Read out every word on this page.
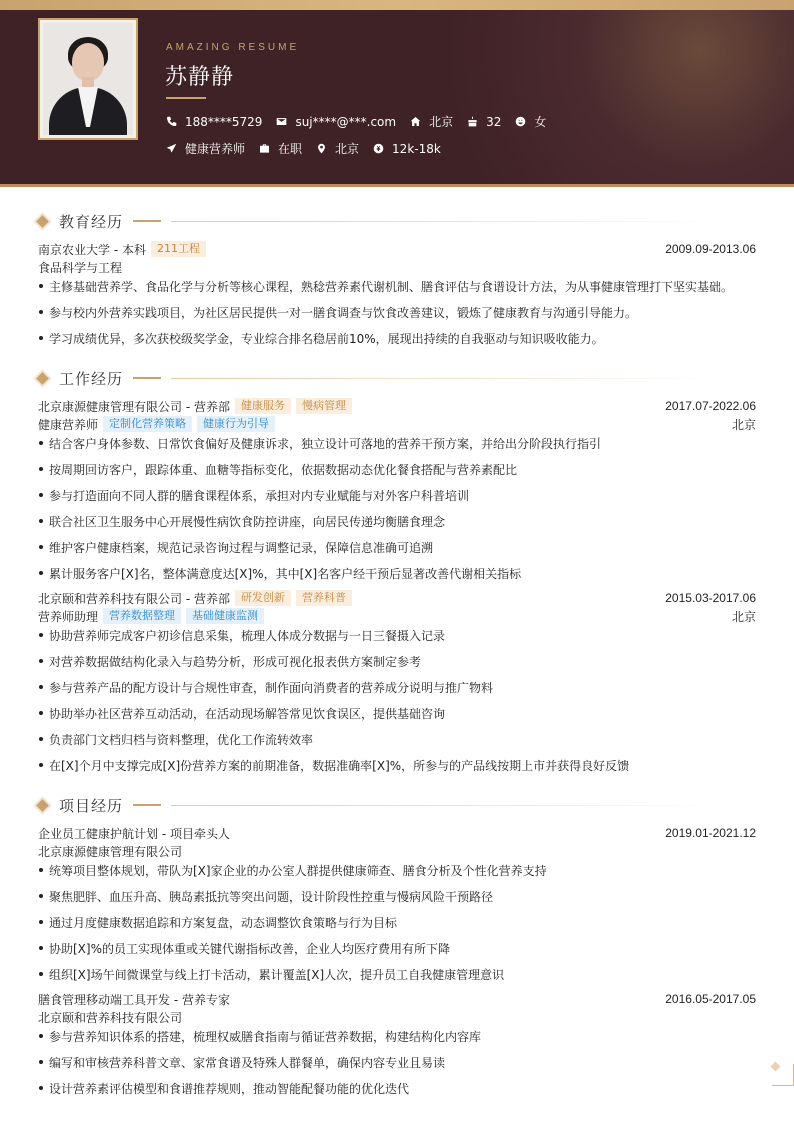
AMAZING RESUME
苏静静
188****5729	suj****@***.com	北京	32	女
健康营养师	在职	北京	12k-18k
教育经历
南京农业大学 - 本科	211工程	2009.09-2013.06
食品科学与工程
主修基础营养学、食品化学与分析等核心课程，熟稔营养素代谢机制、膳食评估与食谱设计方法，为从事健康管理打下坚实基础。
参与校内外营养实践项目，为社区居民提供一对一膳食调查与饮食改善建议，锻炼了健康教育与沟通引导能力。
学习成绩优异，多次获校级奖学金，专业综合排名稳居前10%，展现出持续的自我驱动与知识吸收能力。
工作经历
北京康源健康管理有限公司 - 营养部	健康服务	慢病管理	2017.07-2022.06
健康营养师	定制化营养策略	健康行为引导	北京
结合客户身体参数、日常饮食偏好及健康诉求，独立设计可落地的营养干预方案，并给出分阶段执行指引
按周期回访客户，跟踪体重、血糖等指标变化，依据数据动态优化餐食搭配与营养素配比
参与打造面向不同人群的膳食课程体系，承担对内专业赋能与对外客户科普培训
联合社区卫生服务中心开展慢性病饮食防控讲座，向居民传递均衡膳食理念
维护客户健康档案，规范记录咨询过程与调整记录，保障信息准确可追溯
累计服务客户[X]名，整体满意度达[X]%，其中[X]名客户经干预后显著改善代谢相关指标
北京颐和营养科技有限公司 - 营养部	研发创新	营养科普	2015.03-2017.06
营养师助理	营养数据整理	基础健康监测	北京
协助营养师完成客户初诊信息采集，梳理人体成分数据与一日三餐摄入记录
对营养数据做结构化录入与趋势分析，形成可视化报表供方案制定参考
参与营养产品的配方设计与合规性审查，制作面向消费者的营养成分说明与推广物料
协助举办社区营养互动活动，在活动现场解答常见饮食误区，提供基础咨询
负责部门文档归档与资料整理，优化工作流转效率
在[X]个月中支撑完成[X]份营养方案的前期准备，数据准确率[X]%，所参与的产品线按期上市并获得良好反馈
项目经历
企业员工健康护航计划 - 项目牵头人	2019.01-2021.12
北京康源健康管理有限公司
统筹项目整体规划，带队为[X]家企业的办公室人群提供健康筛查、膳食分析及个性化营养支持
聚焦肥胖、血压升高、胰岛素抵抗等突出问题，设计阶段性控重与慢病风险干预路径
通过月度健康数据追踪和方案复盘，动态调整饮食策略与行为目标
协助[X]%的员工实现体重或关键代谢指标改善，企业人均医疗费用有所下降
组织[X]场午间微课堂与线上打卡活动，累计覆盖[X]人次，提升员工自我健康管理意识
膳食管理移动端工具开发 - 营养专家	2016.05-2017.05
北京颐和营养科技有限公司
参与营养知识体系的搭建，梳理权威膳食指南与循证营养数据，构建结构化内容库
编写和审核营养科普文章、家常食谱及特殊人群餐单，确保内容专业且易读
设计营养素评估模型和食谱推荐规则，推动智能配餐功能的优化迭代
